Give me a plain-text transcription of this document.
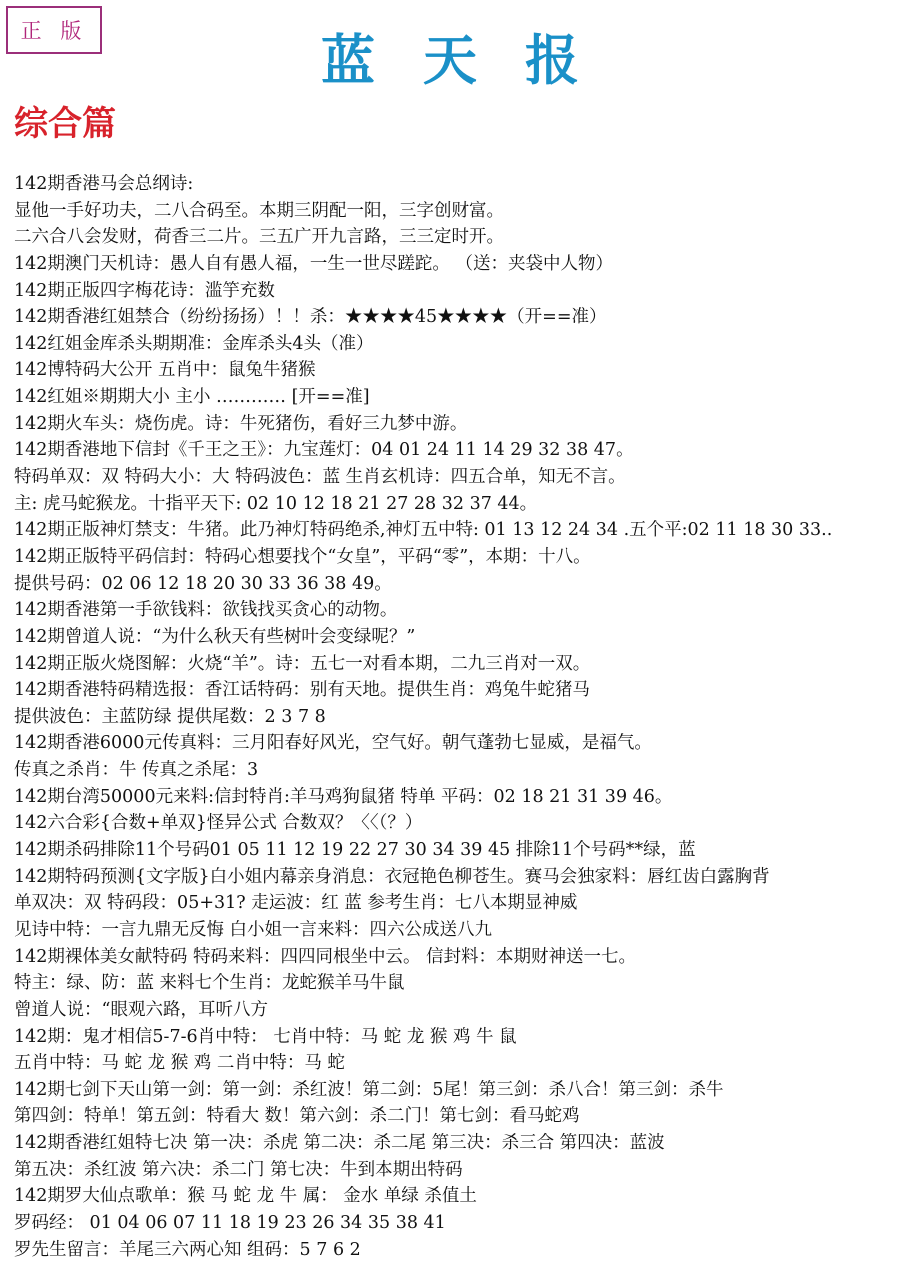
正 版	蓝天报
综合篇
142期香港马会总纲诗:
显他一手好功夫，二八合码至。本期三阴配一阳，三字创财富。
二六合八会发财，荷香三二片。三五广开九言路，三三定时开。
142期澳门天机诗：愚人自有愚人福，一生一世尽蹉跎。 （送：夹袋中人物）
142期正版四字梅花诗：滥竽充数
142期香港红姐禁合（纷纷扬扬）！！杀：★★★★45★★★★（开==准）
142红姐金库杀头期期准：金库杀头4头（准）
142博特码大公开 五肖中：鼠兔牛猪猴
142红姐※期期大小 主小 ………… [开==准]
142期火车头：烧伤虎。诗：牛死猪伤，看好三九梦中游。
142期香港地下信封《千王之王》：九宝莲灯：04 01 24 11 14 29 32 38 47。
特码单双：双 特码大小：大 特码波色：蓝 生肖玄机诗：四五合单，知无不言。
主: 虎马蛇猴龙。十指平天下: 02 10 12 18 21 27 28 32 37 44。
142期正版神灯禁支：牛猪。此乃神灯特码绝杀,神灯五中特: 01 13 12 24 34 .五个平:02 11 18 30 33..
142期正版特平码信封：特码心想要找个“女皇”，平码“零”，本期：十八。
提供号码：02 06 12 18 20 30 33 36 38 49。
142期香港第一手欲钱料：欲钱找买贪心的动物。
142期曾道人说：“为什么秋天有些树叶会变绿呢？”
142期正版火烧图解：火烧“羊”。诗：五七一对看本期，二九三肖对一双。
142期香港特码精选报：香江话特码：别有天地。提供生肖：鸡兔牛蛇猪马
提供波色：主蓝防绿 提供尾数：2 3 7 8
142期香港6000元传真料：三月阳春好风光，空气好。朝气蓬勃七显威，是福气。
传真之杀肖：牛 传真之杀尾：3
142期台湾50000元来料:信封特肖:羊马鸡狗鼠猪 特单 平码：02 18 21 31 39 46。
142六合彩{合数+单双}怪异公式 合数双？〈〈（？）
142期杀码排除11个号码01 05 11 12 19 22 27 30 34 39 45 排除11个号码**绿，蓝
142期特码预测{文字版}白小姐内幕亲身消息：衣冠艳色柳苍生。赛马会独家料：唇红齿白露胸背
单双决：双 特码段：05+31? 走运波：红 蓝 参考生肖：七八本期显神威
见诗中特：一言九鼎无反悔 白小姐一言来料：四六公成送八九
142期裸体美女献特码 特码来料：四四同根坐中云。 信封料：本期财神送一七。
特主：绿、防：蓝 来料七个生肖：龙蛇猴羊马牛鼠
曾道人说：“眼观六路，耳听八方
142期：鬼才相信5-7-6肖中特： 七肖中特：马 蛇 龙 猴 鸡 牛 鼠
五肖中特：马 蛇 龙 猴 鸡 二肖中特：马 蛇
142期七剑下天山第一剑：第一剑：杀红波！第二剑：5尾！第三剑：杀八合！第三剑：杀牛
第四剑：特单！第五剑：特看大 数！第六剑：杀二门！第七剑：看马蛇鸡
142期香港红姐特七决 第一决：杀虎 第二决：杀二尾 第三决：杀三合 第四决：蓝波
第五决：杀红波 第六决：杀二门 第七决：牛到本期出特码
142期罗大仙点歌单：猴 马 蛇 龙 牛 属： 金水 单绿 杀值土
罗码经： 01 04 06 07 11 18 19 23 26 34 35 38 41
罗先生留言：羊尾三六两心知 组码：5 7 6 2
